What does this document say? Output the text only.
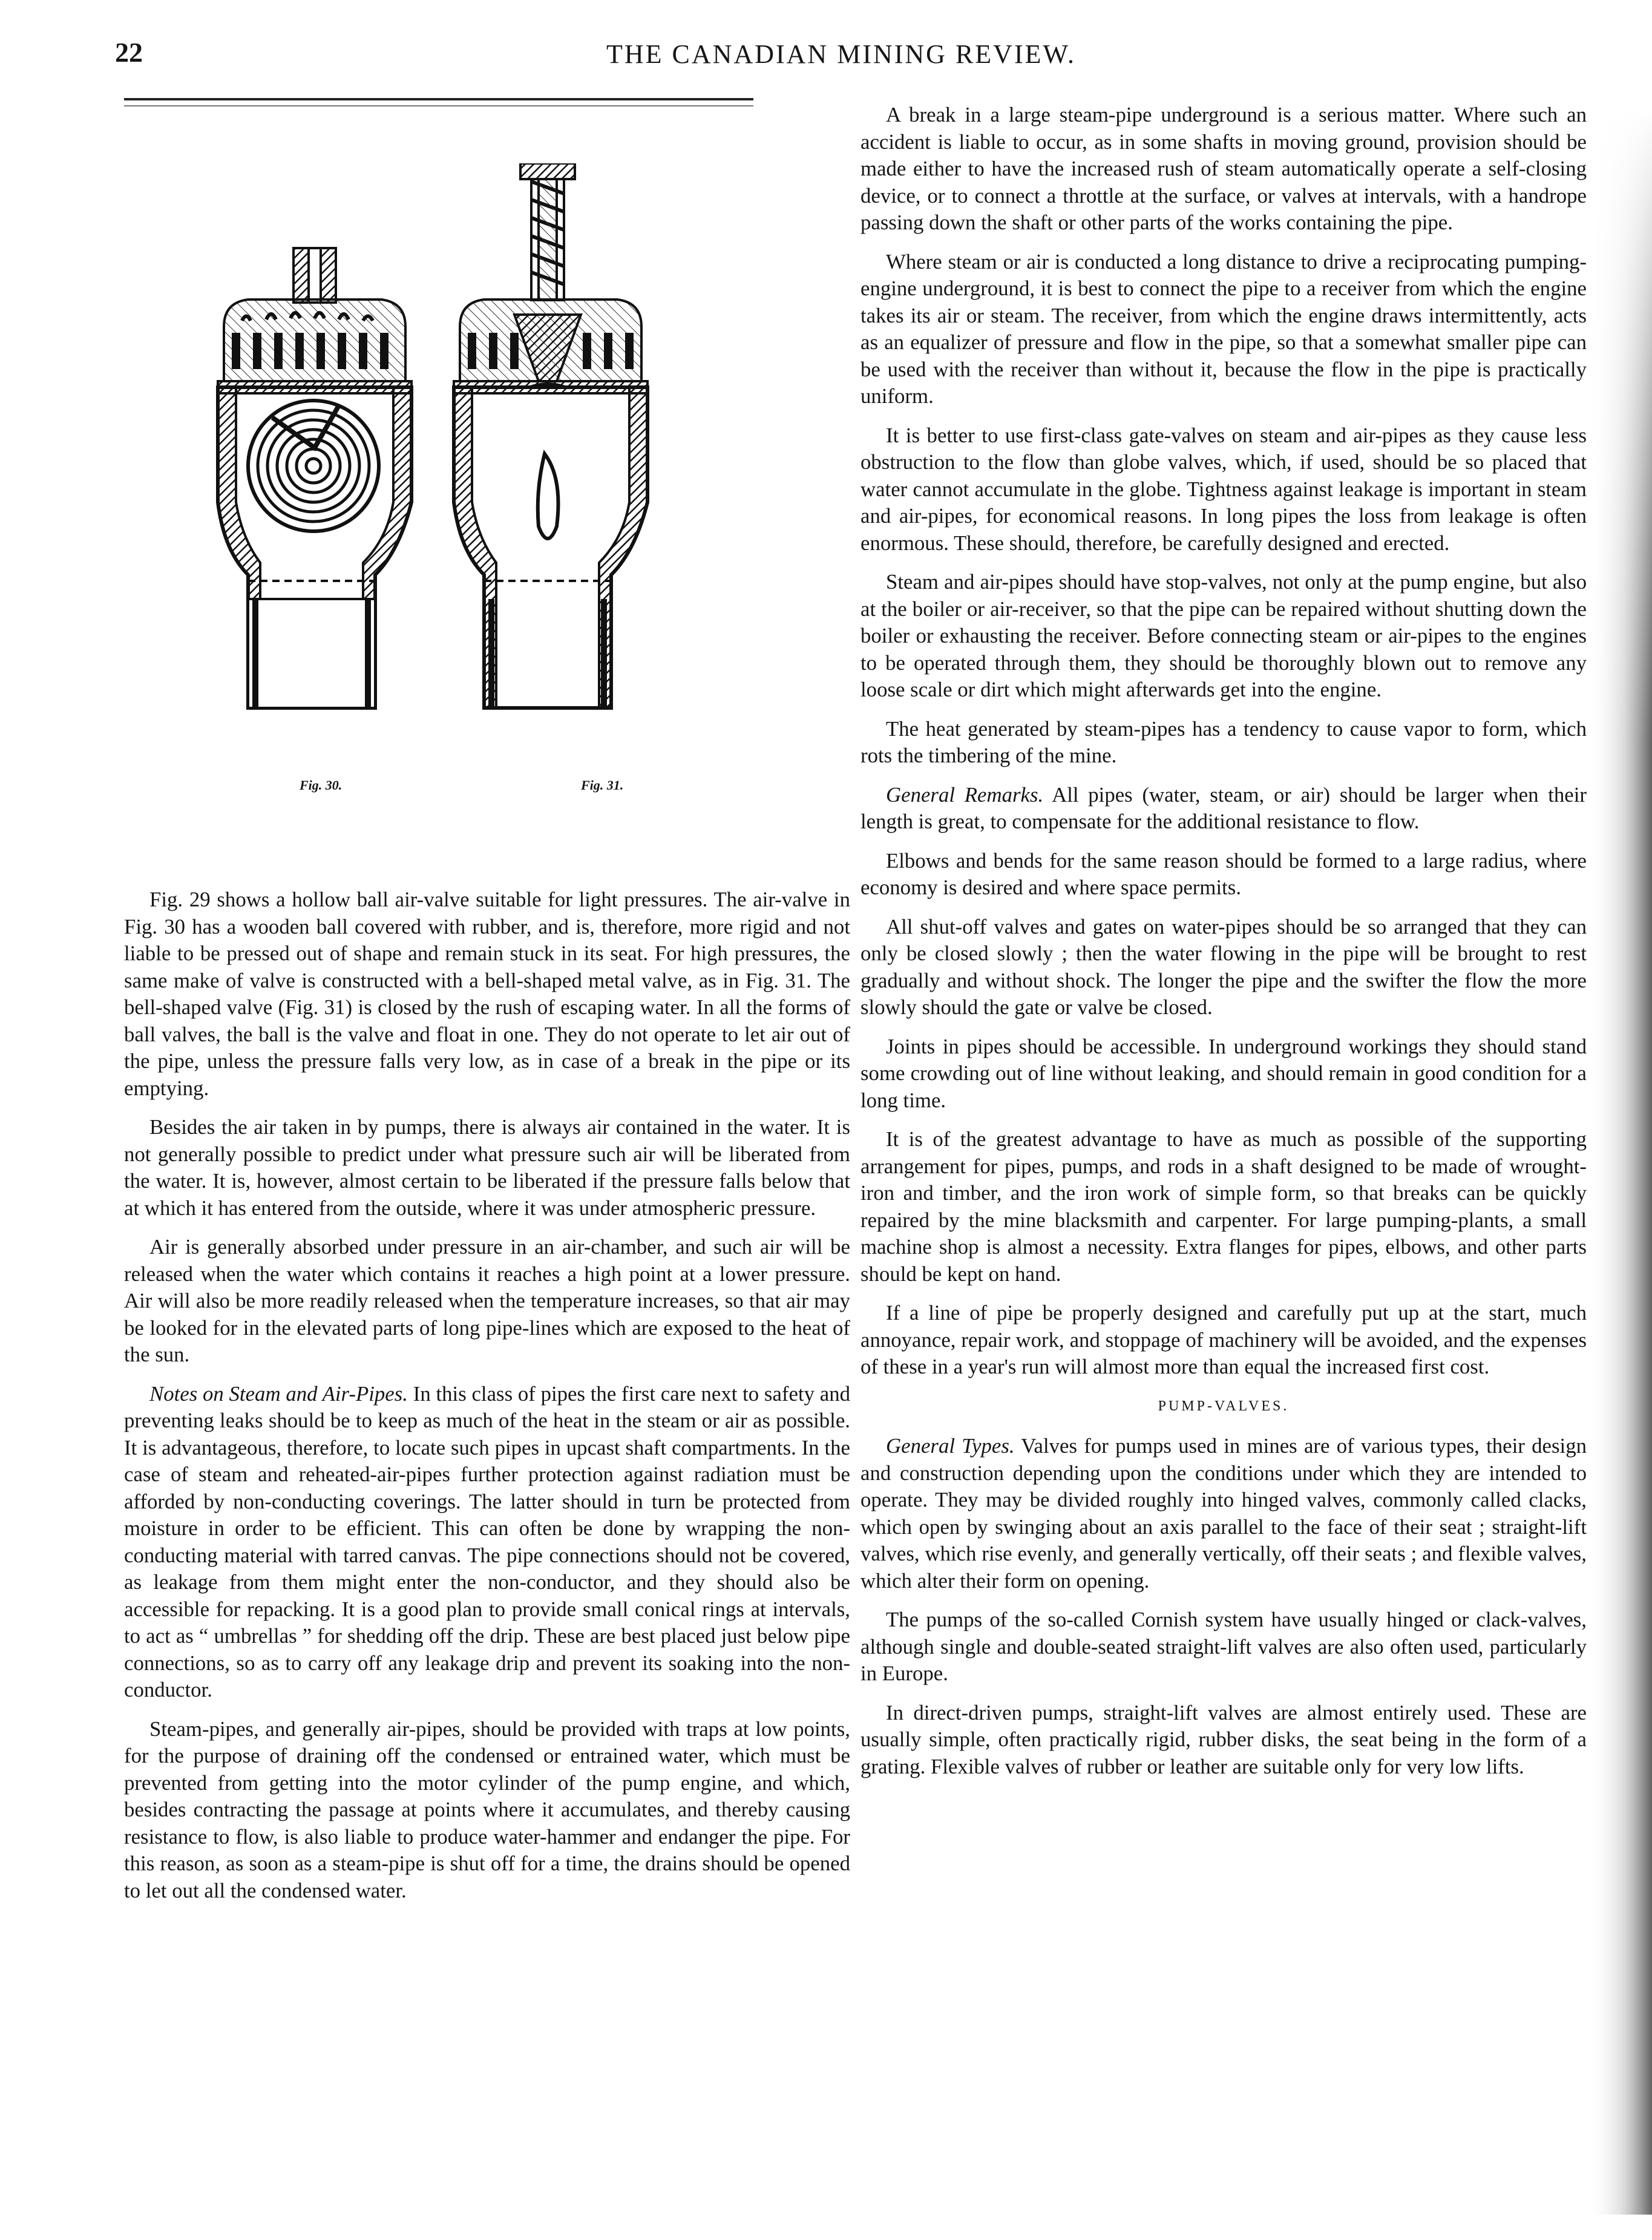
22	THE CANADIAN MINING REVIEW.
Fig. 30.	Fig. 31.

Fig. 29 shows a hollow ball air-valve suitable for light pressures. The air-valve in Fig. 30 has a wooden ball covered with rubber, and is, therefore, more rigid and not liable to be pressed out of shape and remain stuck in its seat. For high pressures, the same make of valve is constructed with a bell-shaped metal valve, as in Fig. 31. The bell-shaped valve (Fig. 31) is closed by the rush of escaping water. In all the forms of ball valves, the ball is the valve and float in one. They do not operate to let air out of the pipe, unless the pressure falls very low, as in case of a break in the pipe or its emptying.

Besides the air taken in by pumps, there is always air contained in the water. It is not generally possible to predict under what pressure such air will be liberated from the water. It is, however, almost certain to be liberated if the pressure falls below that at which it has entered from the outside, where it was under atmospheric pressure.

Air is generally absorbed under pressure in an air-chamber, and such air will be released when the water which contains it reaches a high point at a lower pressure. Air will also be more readily released when the temperature increases, so that air may be looked for in the elevated parts of long pipe-lines which are exposed to the heat of the sun.

Notes on Steam and Air-Pipes. In this class of pipes the first care next to safety and preventing leaks should be to keep as much of the heat in the steam or air as possible. It is advantageous, therefore, to locate such pipes in upcast shaft compartments. In the case of steam and reheated-air-pipes further protection against radiation must be afforded by non-conducting coverings. The latter should in turn be protected from moisture in order to be efficient. This can often be done by wrapping the non-conducting material with tarred canvas. The pipe connections should not be covered, as leakage from them might enter the non-conductor, and they should also be accessible for repacking. It is a good plan to provide small conical rings at intervals, to act as “ umbrellas ” for shedding off the drip. These are best placed just below pipe connections, so as to carry off any leakage drip and prevent its soaking into the non-conductor.

Steam-pipes, and generally air-pipes, should be provided with traps at low points, for the purpose of draining off the condensed or entrained water, which must be prevented from getting into the motor cylinder of the pump engine, and which, besides contracting the passage at points where it accumulates, and thereby causing resistance to flow, is also liable to produce water-hammer and endanger the pipe. For this reason, as soon as a steam-pipe is shut off for a time, the drains should be opened to let out all the condensed water.

A break in a large steam-pipe underground is a serious matter. Where such an accident is liable to occur, as in some shafts in moving ground, provision should be made either to have the increased rush of steam automatically operate a self-closing device, or to connect a throttle at the surface, or valves at intervals, with a handrope passing down the shaft or other parts of the works containing the pipe.

Where steam or air is conducted a long distance to drive a reciprocating pumping-engine underground, it is best to connect the pipe to a receiver from which the engine takes its air or steam. The receiver, from which the engine draws intermittently, acts as an equalizer of pressure and flow in the pipe, so that a somewhat smaller pipe can be used with the receiver than without it, because the flow in the pipe is practically uniform.

It is better to use first-class gate-valves on steam and air-pipes as they cause less obstruction to the flow than globe valves, which, if used, should be so placed that water cannot accumulate in the globe. Tightness against leakage is important in steam and air-pipes, for economical reasons. In long pipes the loss from leakage is often enormous. These should, therefore, be carefully designed and erected.

Steam and air-pipes should have stop-valves, not only at the pump engine, but also at the boiler or air-receiver, so that the pipe can be repaired without shutting down the boiler or exhausting the receiver. Before connecting steam or air-pipes to the engines to be operated through them, they should be thoroughly blown out to remove any loose scale or dirt which might afterwards get into the engine.

The heat generated by steam-pipes has a tendency to cause vapor to form, which rots the timbering of the mine.

General Remarks. All pipes (water, steam, or air) should be larger when their length is great, to compensate for the additional resistance to flow.

Elbows and bends for the same reason should be formed to a large radius, where economy is desired and where space permits.

All shut-off valves and gates on water-pipes should be so arranged that they can only be closed slowly ; then the water flowing in the pipe will be brought to rest gradually and without shock. The longer the pipe and the swifter the flow the more slowly should the gate or valve be closed.

Joints in pipes should be accessible. In underground workings they should stand some crowding out of line without leaking, and should remain in good condition for a long time.

It is of the greatest advantage to have as much as possible of the supporting arrangement for pipes, pumps, and rods in a shaft designed to be made of wrought-iron and timber, and the iron work of simple form, so that breaks can be quickly repaired by the mine blacksmith and carpenter. For large pumping-plants, a small machine shop is almost a necessity. Extra flanges for pipes, elbows, and other parts should be kept on hand.

If a line of pipe be properly designed and carefully put up at the start, much annoyance, repair work, and stoppage of machinery will be avoided, and the expenses of these in a year's run will almost more than equal the increased first cost.

PUMP-VALVES.

General Types. Valves for pumps used in mines are of various types, their design and construction depending upon the conditions under which they are intended to operate. They may be divided roughly into hinged valves, commonly called clacks, which open by swinging about an axis parallel to the face of their seat ; straight-lift valves, which rise evenly, and generally vertically, off their seats ; and flexible valves, which alter their form on opening.

The pumps of the so-called Cornish system have usually hinged or clack-valves, although single and double-seated straight-lift valves are also often used, particularly in Europe.

In direct-driven pumps, straight-lift valves are almost entirely used. These are usually simple, often practically rigid, rubber disks, the seat being in the form of a grating. Flexible valves of rubber or leather are suitable only for very low lifts.
